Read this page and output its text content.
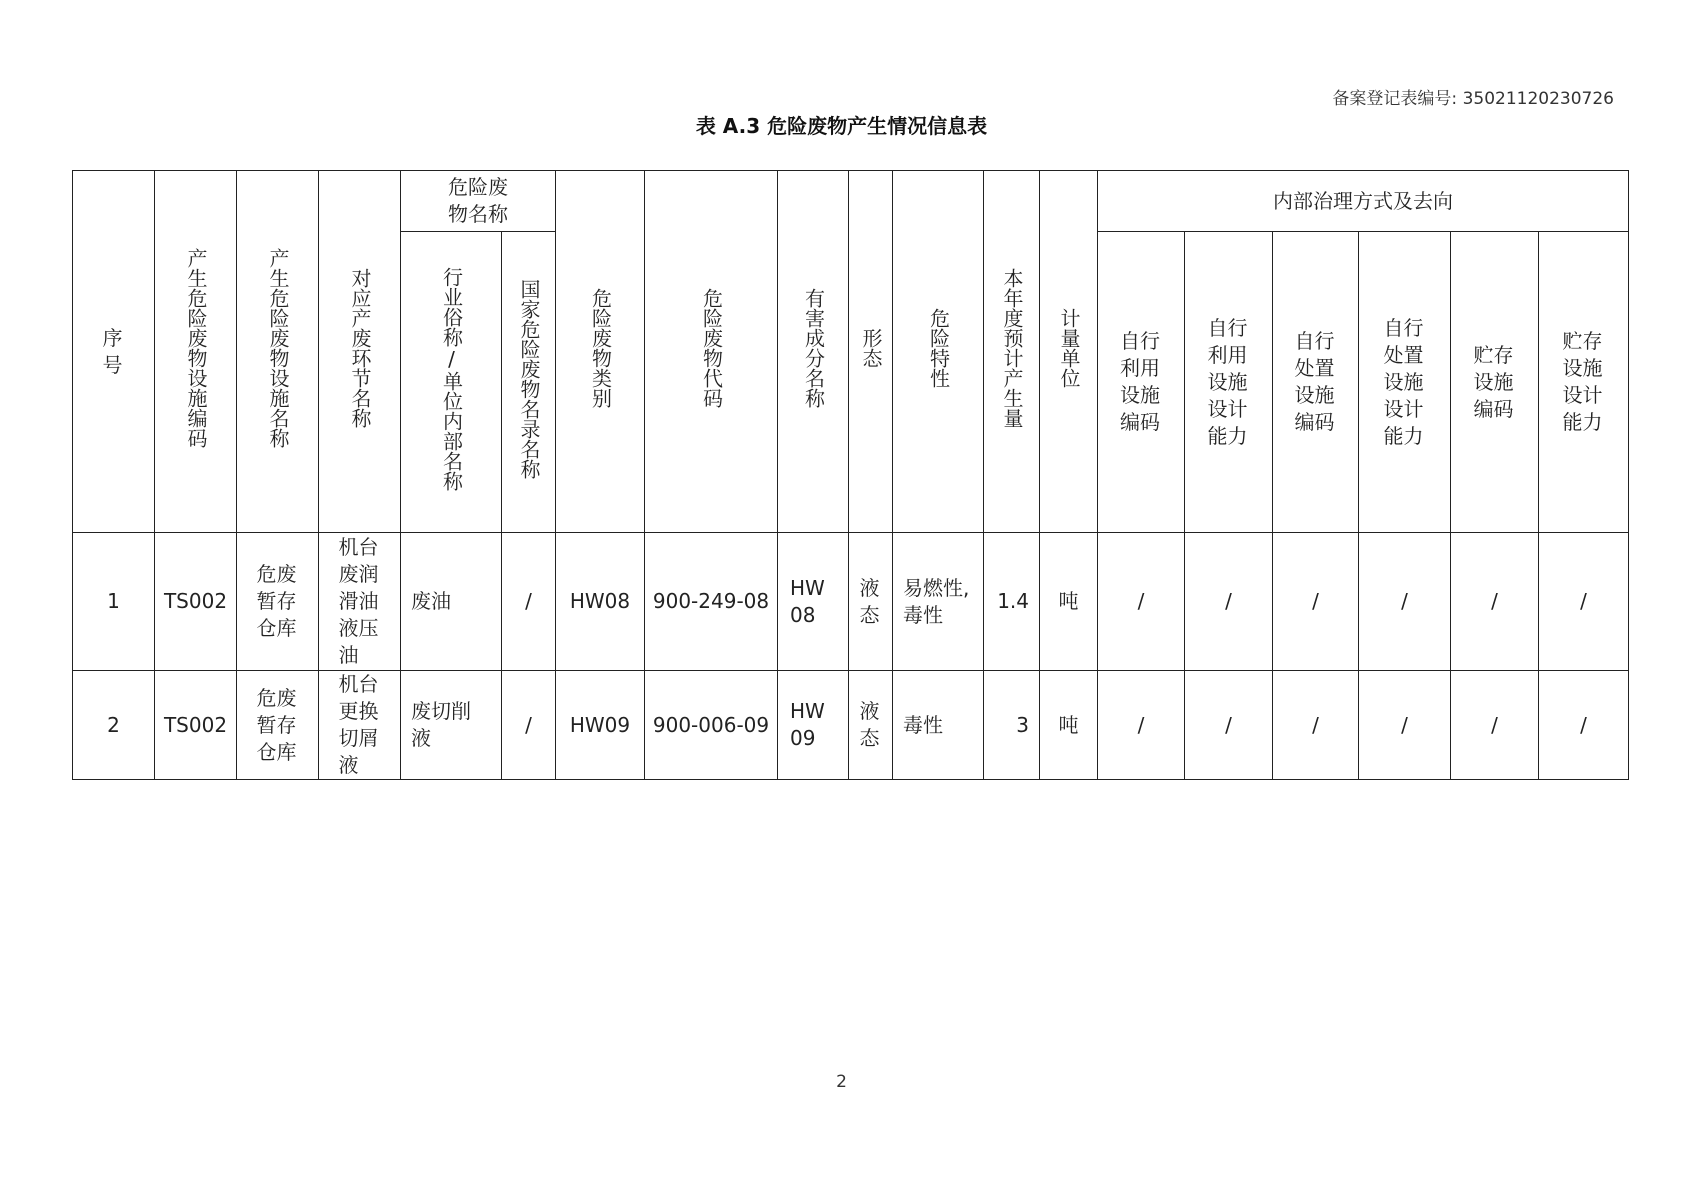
备案登记表编号: 35021120230726
表 A.3 危险废物产生情况信息表
序号	产生危险废物设施编码	产生危险废物设施名称	对应产废环节名称	危险废物名称		危险废物类别	危险废物代码	有害成分名称	形态	危险特性	本年度预计产生量	计量单位	内部治理方式及去向					
				行业俗称/单位内部名称	国家危险废物名录名称								自行利用设施编码	自行利用设施设计能力	自行处置设施编码	自行处置设施设计能力	贮存设施编码	贮存设施设计能力
1	TS002	危废暂存仓库	机台废润滑油液压油	废油	/	HW08	900-249-08	HW08	液态	易燃性,毒性	1.4	吨	/	/	/	/	/	/
2	TS002	危废暂存仓库	机台更换切屑液	废切削液	/	HW09	900-006-09	HW09	液态	毒性	3	吨	/	/	/	/	/	/
2
